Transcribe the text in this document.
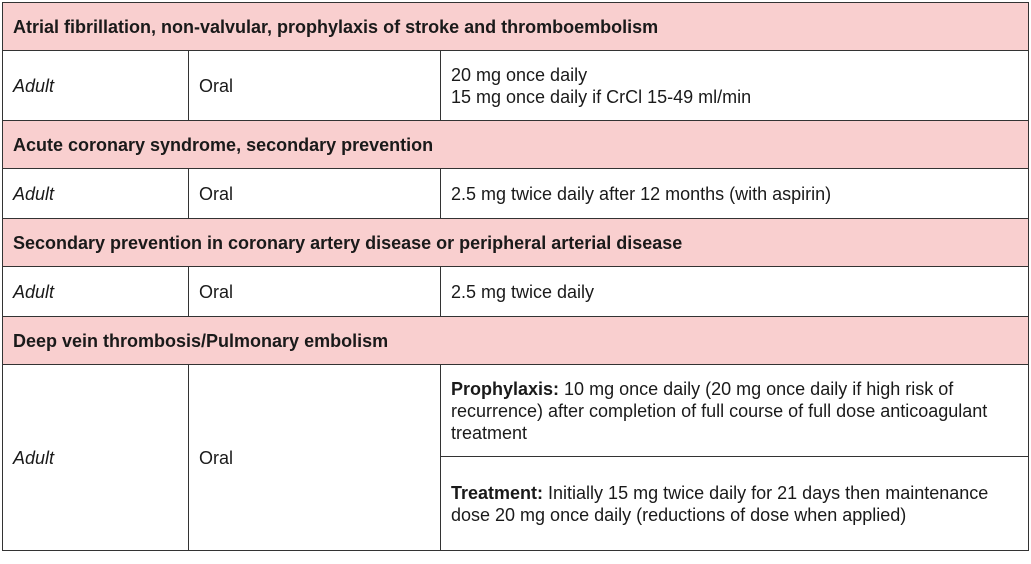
Atrial fibrillation, non-valvular, prophylaxis of stroke and thromboembolism		
Adult	Oral	20 mg once daily
15 mg once daily if CrCl 15-49 ml/min

Acute coronary syndrome, secondary prevention		
Adult	Oral	2.5 mg twice daily after 12 months (with aspirin)
Secondary prevention in coronary artery disease or peripheral arterial disease		
Adult	Oral	2.5 mg twice daily
Deep vein thrombosis/Pulmonary embolism		
Adult	Oral	Prophylaxis: 10 mg once daily (20 mg once daily if high risk of recurrence) after completion of full course of full dose anticoagulant treatment
		Treatment: Initially 15 mg twice daily for 21 days then maintenance dose 20 mg once daily (reductions of dose when applied)
